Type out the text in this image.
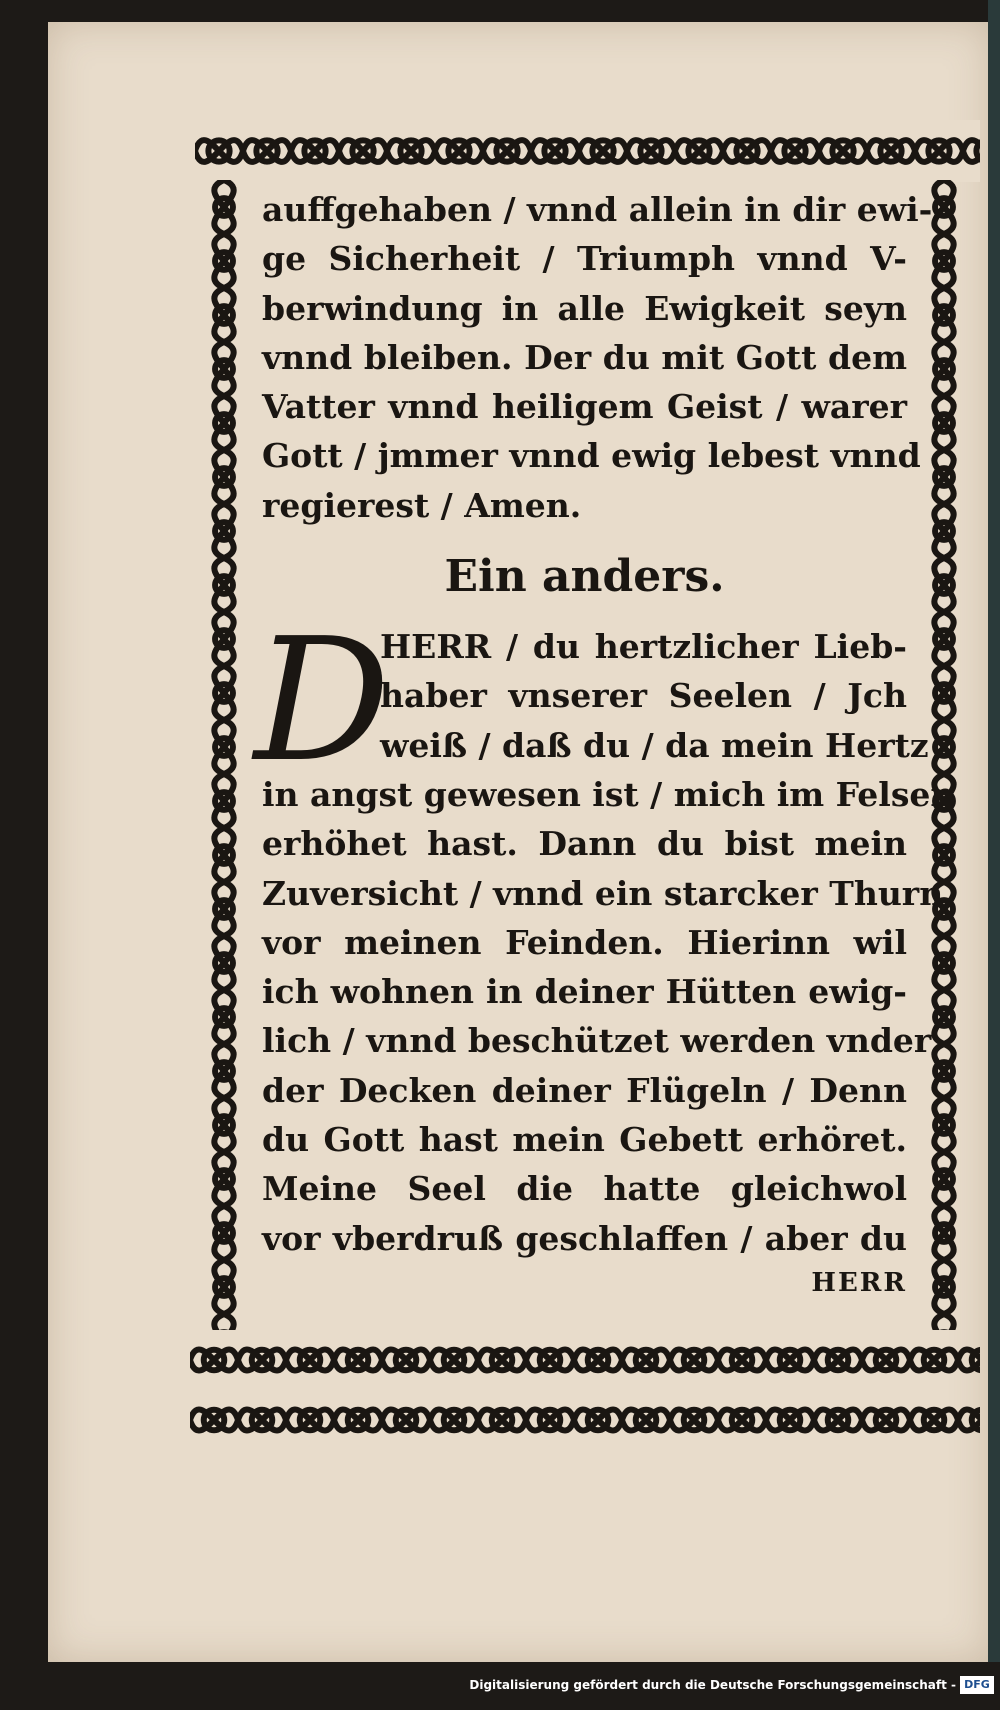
auffgehaben / vnnd allein in dir ewi-
ge Sicherheit / Triumph vnnd V-
berwindung in alle Ewigkeit seyn
vnnd bleiben. Der du mit Gott dem
Vatter vnnd heiligem Geist / warer
Gott / jmmer vnnd ewig lebest vnnd
regierest / Amen.
Ein anders.
D
HERR / du hertzlicher Lieb-
haber vnserer Seelen / Jch
weiß / daß du / da mein Hertz
in angst gewesen ist / mich im Felsen
erhöhet hast. Dann du bist mein
Zuversicht / vnnd ein starcker Thurn
vor meinen Feinden. Hierinn wil
ich wohnen in deiner Hütten ewig-
lich / vnnd beschützet werden vnder
der Decken deiner Flügeln / Denn
du Gott hast mein Gebett erhöret.
Meine Seel die hatte gleichwol
vor vberdruß geschlaffen / aber du
HERR
Digitalisierung gefördert durch die Deutsche Forschungsgemeinschaft - DFG
